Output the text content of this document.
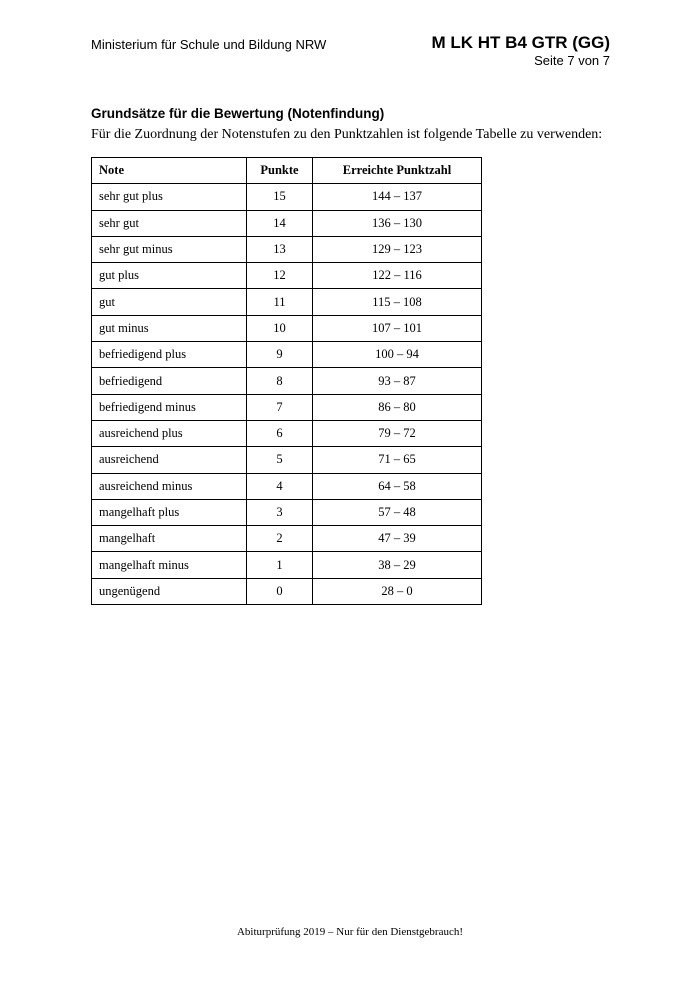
Ministerium für Schule und Bildung NRW	M LK HT B4 GTR (GG)
Seite 7 von 7
Grundsätze für die Bewertung (Notenfindung)
Für die Zuordnung der Notenstufen zu den Punktzahlen ist folgende Tabelle zu verwenden:
Note	Punkte	Erreichte Punktzahl
sehr gut plus	15	144 – 137
sehr gut	14	136 – 130
sehr gut minus	13	129 – 123
gut plus	12	122 – 116
gut	11	115 – 108
gut minus	10	107 – 101
befriedigend plus	9	100 – 94
befriedigend	8	93 – 87
befriedigend minus	7	86 – 80
ausreichend plus	6	79 – 72
ausreichend	5	71 – 65
ausreichend minus	4	64 – 58
mangelhaft plus	3	57 – 48
mangelhaft	2	47 – 39
mangelhaft minus	1	38 – 29
ungenügend	0	28 – 0
Abiturprüfung 2019 – Nur für den Dienstgebrauch!
